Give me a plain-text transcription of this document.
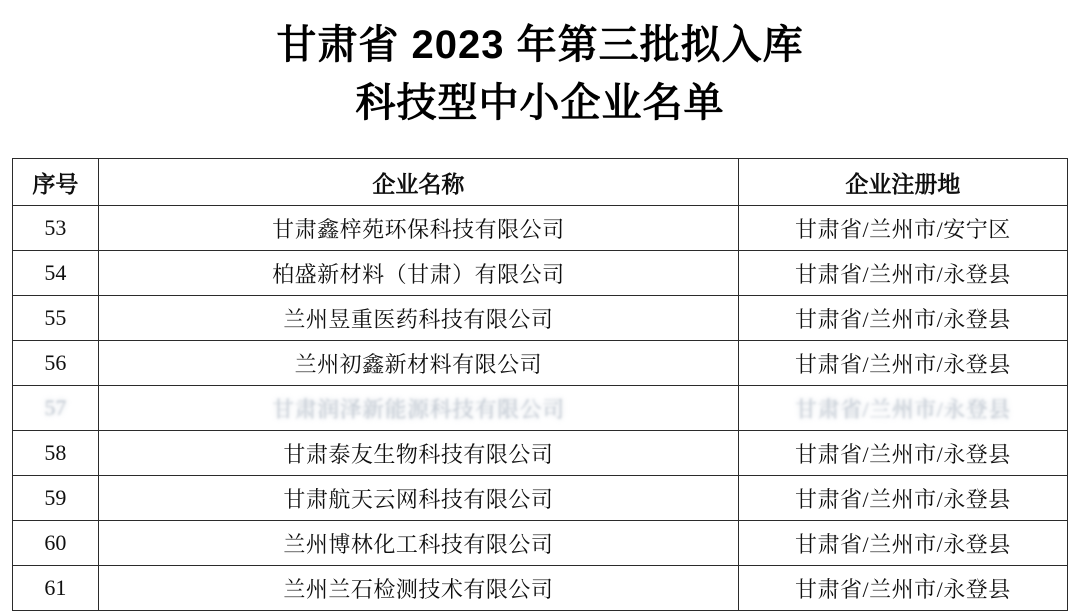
甘肃省 2023 年第三批拟入库
科技型中小企业名单
序号	企业名称	企业注册地
53	甘肃鑫梓苑环保科技有限公司	甘肃省/兰州市/安宁区
54	柏盛新材料（甘肃）有限公司	甘肃省/兰州市/永登县
55	兰州昱重医药科技有限公司	甘肃省/兰州市/永登县
56	兰州初鑫新材料有限公司	甘肃省/兰州市/永登县
57	甘肃润泽新能源科技有限公司	甘肃省/兰州市/永登县
58	甘肃泰友生物科技有限公司	甘肃省/兰州市/永登县
59	甘肃航天云网科技有限公司	甘肃省/兰州市/永登县
60	兰州博林化工科技有限公司	甘肃省/兰州市/永登县
61	兰州兰石检测技术有限公司	甘肃省/兰州市/永登县
